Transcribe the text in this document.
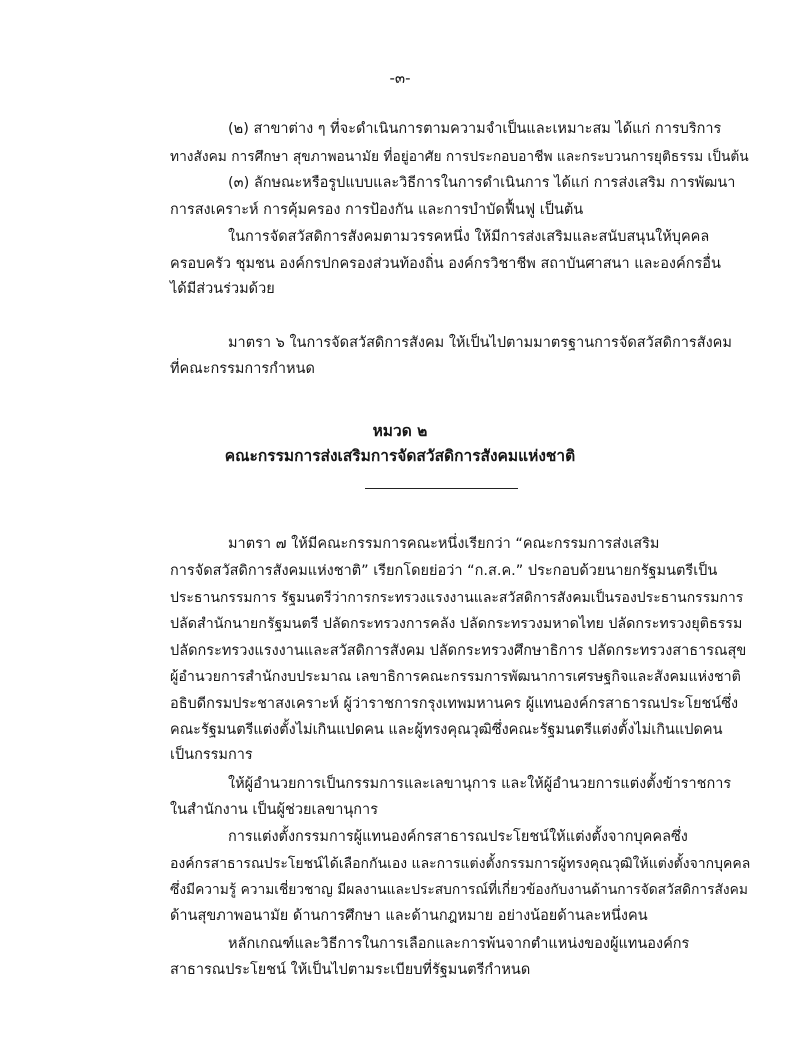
-๓-
(๒) สาขาต่าง ๆ ที่จะดำเนินการตามความจำเป็นและเหมาะสม ได้แก่ การบริการ
ทางสังคม การศึกษา สุขภาพอนามัย ที่อยู่อาศัย การประกอบอาชีพ และกระบวนการยุติธรรม เป็นต้น
(๓) ลักษณะหรือรูปแบบและวิธีการในการดำเนินการ ได้แก่ การส่งเสริม การพัฒนา
การสงเคราะห์ การคุ้มครอง การป้องกัน และการบำบัดฟื้นฟู เป็นต้น
ในการจัดสวัสดิการสังคมตามวรรคหนึ่ง ให้มีการส่งเสริมและสนับสนุนให้บุคคล
ครอบครัว ชุมชน องค์กรปกครองส่วนท้องถิ่น องค์กรวิชาชีพ สถาบันศาสนา และองค์กรอื่น
ได้มีส่วนร่วมด้วย
มาตรา ๖ ในการจัดสวัสดิการสังคม ให้เป็นไปตามมาตรฐานการจัดสวัสดิการสังคม
ที่คณะกรรมการกำหนด
หมวด ๒
คณะกรรมการส่งเสริมการจัดสวัสดิการสังคมแห่งชาติ
มาตรา ๗ ให้มีคณะกรรมการคณะหนึ่งเรียกว่า “คณะกรรมการส่งเสริม
การจัดสวัสดิการสังคมแห่งชาติ” เรียกโดยย่อว่า “ก.ส.ค.” ประกอบด้วยนายกรัฐมนตรีเป็น
ประธานกรรมการ รัฐมนตรีว่าการกระทรวงแรงงานและสวัสดิการสังคมเป็นรองประธานกรรมการ
ปลัดสำนักนายกรัฐมนตรี ปลัดกระทรวงการคลัง ปลัดกระทรวงมหาดไทย ปลัดกระทรวงยุติธรรม
ปลัดกระทรวงแรงงานและสวัสดิการสังคม ปลัดกระทรวงศึกษาธิการ ปลัดกระทรวงสาธารณสุข
ผู้อำนวยการสำนักงบประมาณ เลขาธิการคณะกรรมการพัฒนาการเศรษฐกิจและสังคมแห่งชาติ
อธิบดีกรมประชาสงเคราะห์ ผู้ว่าราชการกรุงเทพมหานคร ผู้แทนองค์กรสาธารณประโยชน์ซึ่ง
คณะรัฐมนตรีแต่งตั้งไม่เกินแปดคน และผู้ทรงคุณวุฒิซึ่งคณะรัฐมนตรีแต่งตั้งไม่เกินแปดคน
เป็นกรรมการ
ให้ผู้อำนวยการเป็นกรรมการและเลขานุการ และให้ผู้อำนวยการแต่งตั้งข้าราชการ
ในสำนักงาน เป็นผู้ช่วยเลขานุการ
การแต่งตั้งกรรมการผู้แทนองค์กรสาธารณประโยชน์ให้แต่งตั้งจากบุคคลซึ่ง
องค์กรสาธารณประโยชน์ได้เลือกกันเอง และการแต่งตั้งกรรมการผู้ทรงคุณวุฒิให้แต่งตั้งจากบุคคล
ซึ่งมีความรู้ ความเชี่ยวชาญ มีผลงานและประสบการณ์ที่เกี่ยวข้องกับงานด้านการจัดสวัสดิการสังคม
ด้านสุขภาพอนามัย ด้านการศึกษา และด้านกฎหมาย อย่างน้อยด้านละหนึ่งคน
หลักเกณฑ์และวิธีการในการเลือกและการพ้นจากตำแหน่งของผู้แทนองค์กร
สาธารณประโยชน์ ให้เป็นไปตามระเบียบที่รัฐมนตรีกำหนด
